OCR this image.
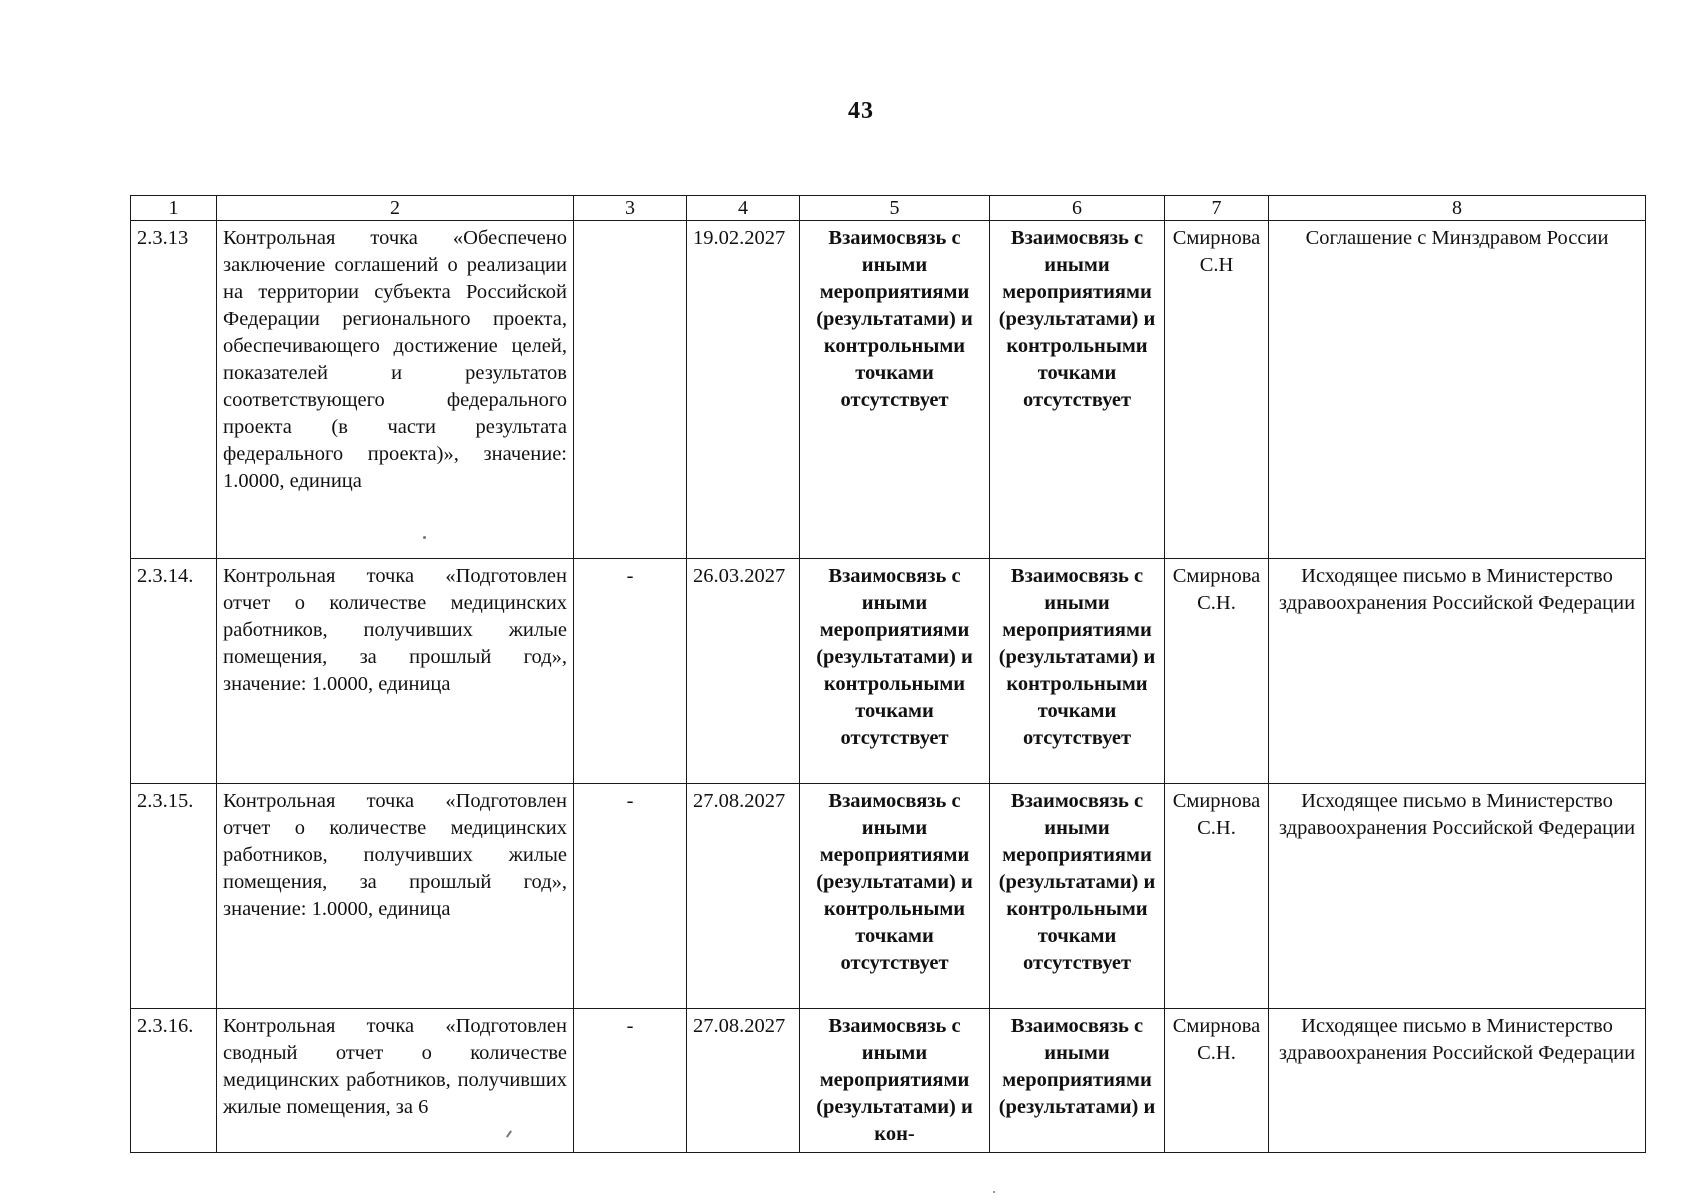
43
1	2	3	4	5	6	7	8
2.3.13	Контрольная точка «Обеспечено заключение соглашений о реализации на территории субъекта Российской Федерации регионального проекта, обеспечивающего достижение целей, показателей и результатов соответствующего федерального проекта (в части результата федерального проекта)», значение: 1.0000, единица		19.02.2027	Взаимосвязь с иными мероприятиями (результатами) и контрольными точками отсутствует	Взаимосвязь с иными мероприятиями (результатами) и контрольными точками отсутствует	Смирнова С.Н	Соглашение с Минздравом России
2.3.14.	Контрольная точка «Подготовлен отчет о количестве медицинских работников, получивших жилые помещения, за прошлый год», значение: 1.0000, единица	-	26.03.2027	Взаимосвязь с иными мероприятиями (результатами) и контрольными точками отсутствует	Взаимосвязь с иными мероприятиями (результатами) и контрольными точками отсутствует	Смирнова С.Н.	Исходящее письмо в Министерство здравоохранения Российской Федерации
2.3.15.	Контрольная точка «Подготовлен отчет о количестве медицинских работников, получивших жилые помещения, за прошлый год», значение: 1.0000, единица	-	27.08.2027	Взаимосвязь с иными мероприятиями (результатами) и контрольными точками отсутствует	Взаимосвязь с иными мероприятиями (результатами) и контрольными точками отсутствует	Смирнова С.Н.	Исходящее письмо в Министерство здравоохранения Российской Федерации
2.3.16.	Контрольная точка «Подготовлен сводный отчет о количестве медицинских работников, получивших жилые помещения, за 6	-	27.08.2027	Взаимосвязь с иными мероприятиями (результатами) и кон-	Взаимосвязь с иными мероприятиями (результатами) и	Смирнова С.Н.	Исходящее письмо в Министерство здравоохранения Российской Федерации
